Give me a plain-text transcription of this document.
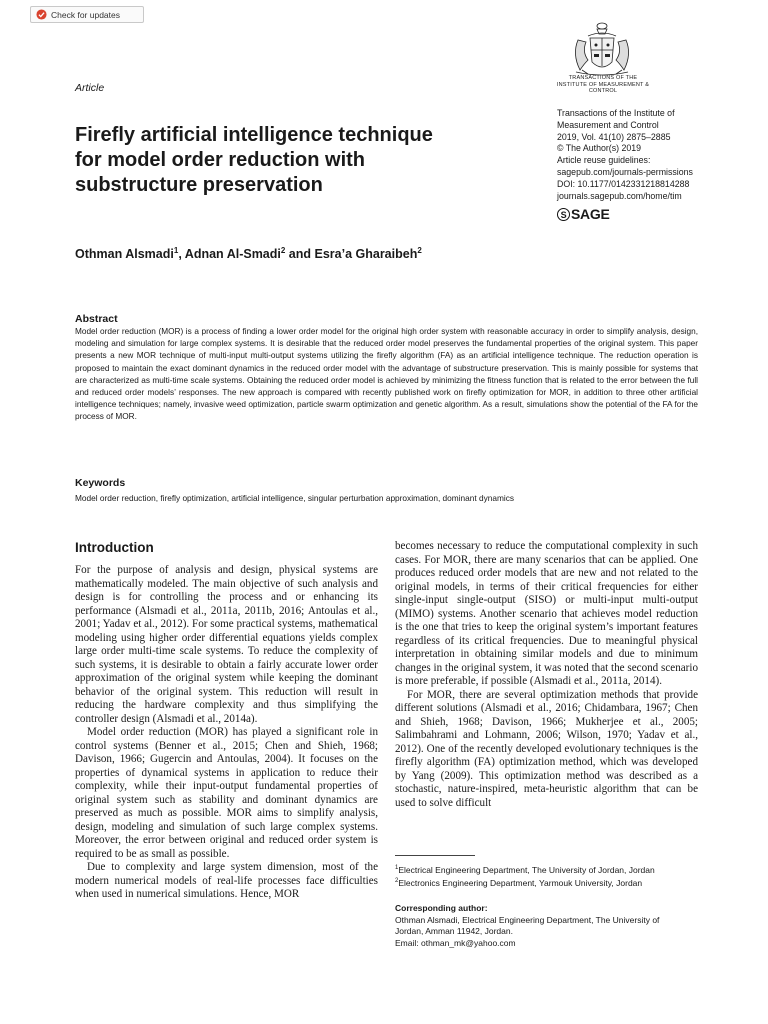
Check for updates
Article
TRANSACTIONS OF THE INSTITUTE OF MEASUREMENT & CONTROL
Transactions of the Institute of
Measurement and Control
2019, Vol. 41(10) 2875–2885
© The Author(s) 2019
Article reuse guidelines:
sagepub.com/journals-permissions
DOI: 10.1177/0142331218814288
journals.sagepub.com/home/tim
S SAGE
Firefly artificial intelligence technique
for model order reduction with
substructure preservation
Othman Alsmadi$^1$, Adnan Al-Smadi$^2$ and Esra’a Gharaibeh$^2$
Abstract
Model order reduction (MOR) is a process of finding a lower order model for the original high order system with reasonable accuracy in order to simplify analysis, design, modeling and simulation for large complex systems. It is desirable that the reduced order model preserves the fundamental properties of the original system. This paper presents a new MOR technique of multi-input multi-output systems utilizing the firefly algorithm (FA) as an artificial intelligence technique. The reduction operation is proposed to maintain the exact dominant dynamics in the reduced order model with the advantage of substructure preservation. This is mainly possible for systems that are characterized as multi-time scale systems. Obtaining the reduced order model is achieved by minimizing the fitness function that is related to the error between the full and reduced order models’ responses. The new approach is compared with recently published work on firefly optimization for MOR, in addition to three other artificial intelligence techniques; namely, invasive weed optimization, particle swarm optimization and genetic algorithm. As a result, simulations show the potential of the FA for the process of MOR.
Keywords
Model order reduction, firefly optimization, artificial intelligence, singular perturbation approximation, dominant dynamics
Introduction

For the purpose of analysis and design, physical systems are mathematically modeled. The main objective of such analysis and design is for controlling the process and or enhancing its performance (Alsmadi et al., 2011a, 2011b, 2016; Antoulas et al., 2001; Yadav et al., 2012). For some practical systems, mathematical modeling using higher order differential equations yields complex large order multi-time scale systems. To reduce the complexity of such systems, it is desirable to obtain a fairly accurate lower order approximation of the original system while keeping the dominant behavior of the original system. This reduction will result in reducing the hardware complexity and thus simplifying the controller design (Alsmadi et al., 2014a).

Model order reduction (MOR) has played a significant role in control systems (Benner et al., 2015; Chen and Shieh, 1968; Davison, 1966; Gugercin and Antoulas, 2004). It focuses on the properties of dynamical systems in application to reduce their complexity, while their input-output fundamental properties of original system such as stability and dominant dynamics are preserved as much as possible. MOR aims to simplify analysis, design, modeling and simulation of such large complex systems. Moreover, the error between original and reduced order system is required to be as small as possible.

Due to complexity and large system dimension, most of the modern numerical models of real-life processes face difficulties when used in numerical simulations. Hence, MOR

becomes necessary to reduce the computational complexity in such cases. For MOR, there are many scenarios that can be applied. One produces reduced order models that are new and not related to the original models, in terms of their critical frequencies for either single-input single-output (SISO) or multi-input multi-output (MIMO) systems. Another scenario that achieves model reduction is the one that tries to keep the original system’s important features regardless of its critical frequencies. Due to meaningful physical interpretation in obtaining similar models and due to minimum changes in the original system, it was noted that the second scenario is more preferable, if possible (Alsmadi et al., 2011a, 2014).

For MOR, there are several optimization methods that provide different solutions (Alsmadi et al., 2016; Chidambara, 1967; Chen and Shieh, 1968; Davison, 1966; Mukherjee et al., 2005; Salimbahrami and Lohmann, 2006; Wilson, 1970; Yadav et al., 2012). One of the recently developed evolutionary techniques is the firefly algorithm (FA) optimization method, which was developed by Yang (2009). This optimization method was described as a stochastic, nature-inspired, meta-heuristic algorithm that can be used to solve difficult

$^1$Electrical Engineering Department, The University of Jordan, Jordan
$^2$Electronics Engineering Department, Yarmouk University, Jordan
Corresponding author:
Othman Alsmadi, Electrical Engineering Department, The University of
Jordan, Amman 11942, Jordan.
Email: othman_mk@yahoo.com
